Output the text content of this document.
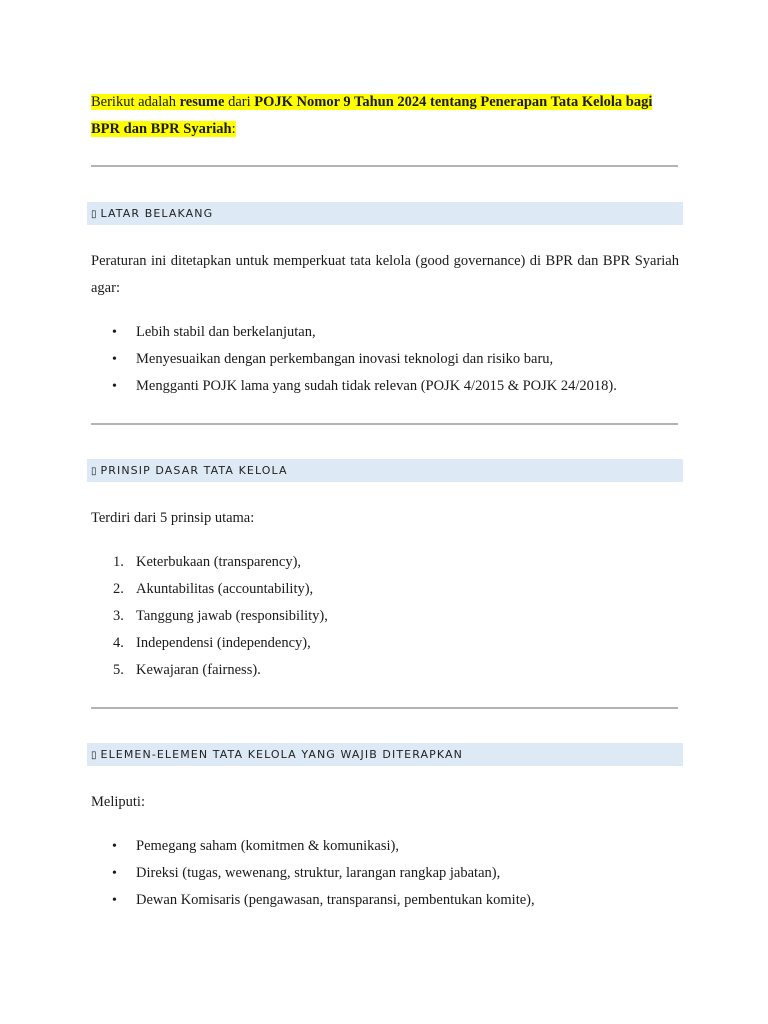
Berikut adalah resume dari POJK Nomor 9 Tahun 2024 tentang Penerapan Tata Kelola bagi BPR dan BPR Syariah:

▯ LATAR BELAKANG

Peraturan ini ditetapkan untuk memperkuat tata kelola (good governance) di BPR dan BPR Syariah agar:

• Lebih stabil dan berkelanjutan,
• Menyesuaikan dengan perkembangan inovasi teknologi dan risiko baru,
• Mengganti POJK lama yang sudah tidak relevan (POJK 4/2015 & POJK 24/2018).
▯ PRINSIP DASAR TATA KELOLA

Terdiri dari 5 prinsip utama:

1. Keterbukaan (transparency),
2. Akuntabilitas (accountability),
3. Tanggung jawab (responsibility),
4. Independensi (independency),
5. Kewajaran (fairness).
▯ ELEMEN-ELEMEN TATA KELOLA YANG WAJIB DITERAPKAN

Meliputi:

• Pemegang saham (komitmen & komunikasi),
• Direksi (tugas, wewenang, struktur, larangan rangkap jabatan),
• Dewan Komisaris (pengawasan, transparansi, pembentukan komite),
